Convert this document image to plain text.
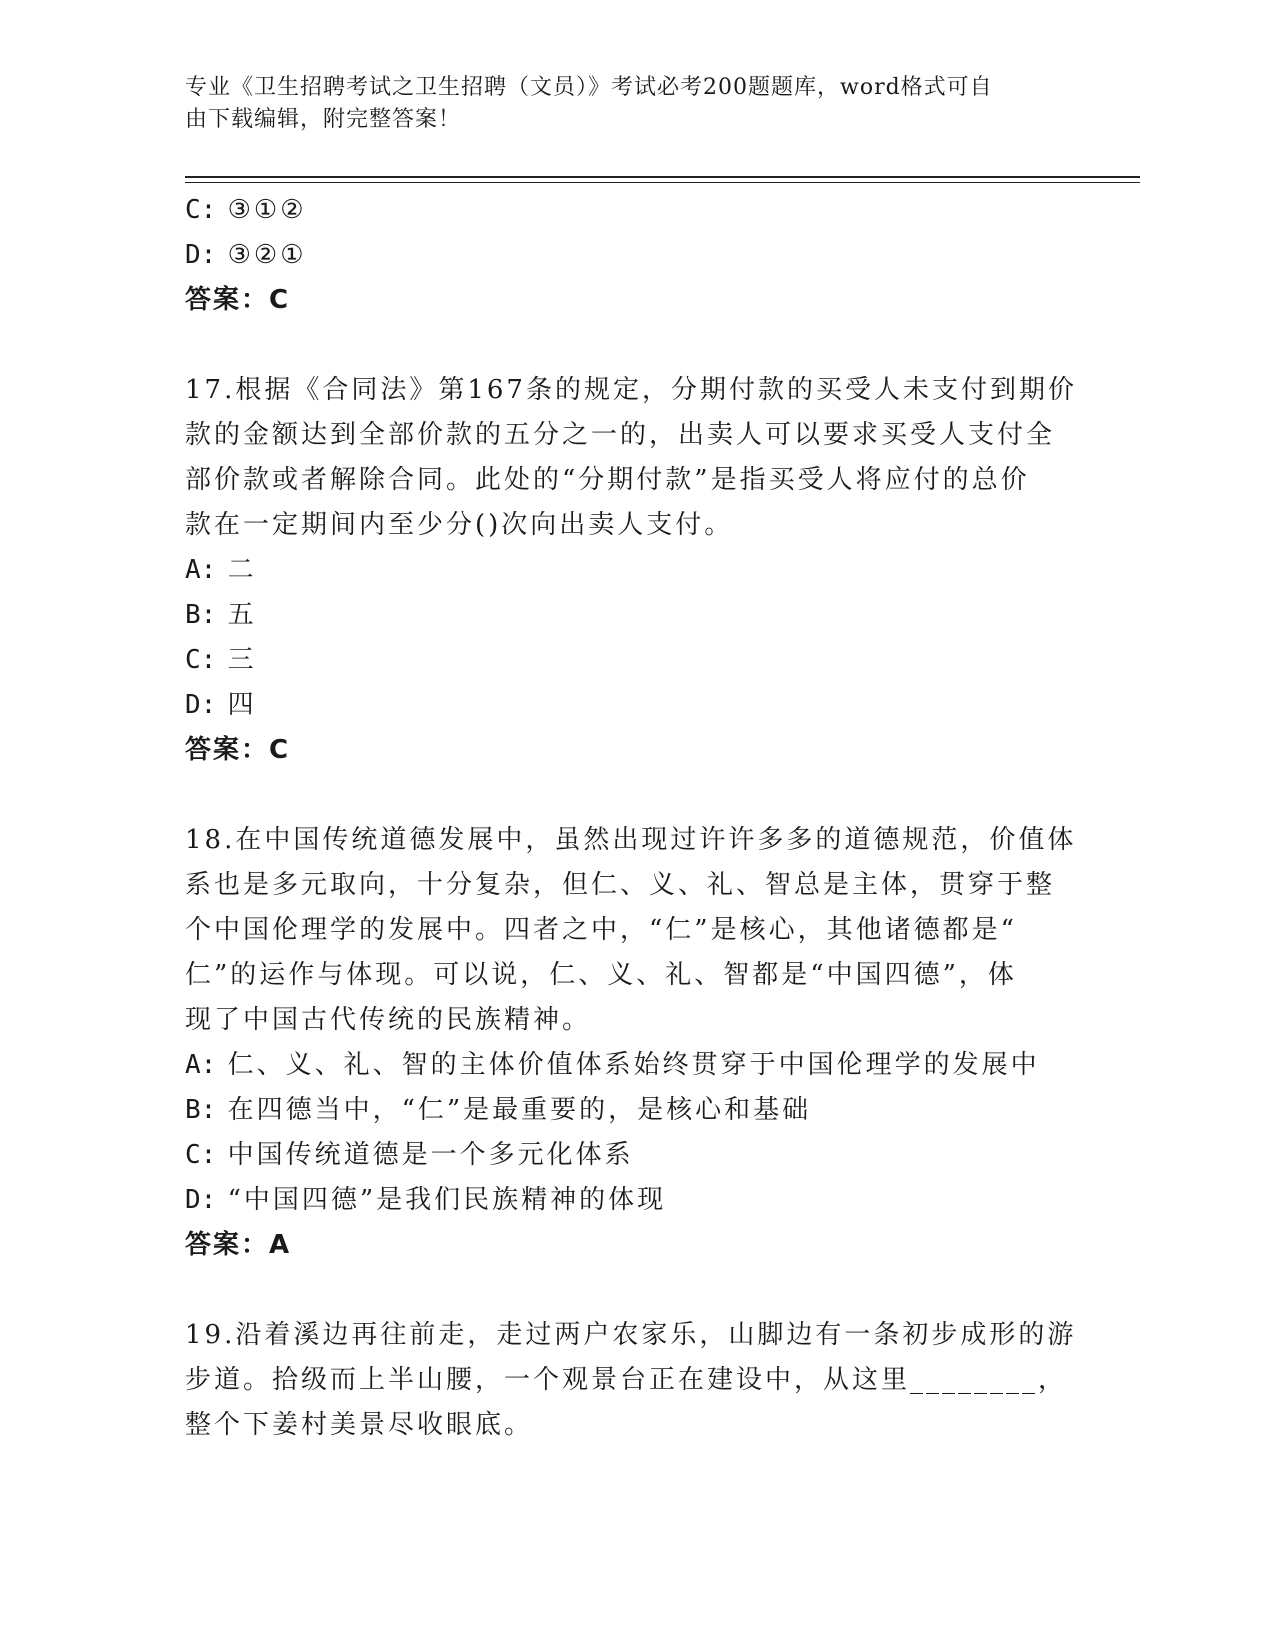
专业《卫生招聘考试之卫生招聘（文员）》考试必考200题题库，word格式可自
由下载编辑，附完整答案！
C: ③①②
D: ③②①
答案：C
17.根据《合同法》第167条的规定，分期付款的买受人未支付到期价
款的金额达到全部价款的五分之一的，出卖人可以要求买受人支付全
部价款或者解除合同。此处的“分期付款”是指买受人将应付的总价
款在一定期间内至少分()次向出卖人支付。
A: 二
B: 五
C: 三
D: 四
答案：C
18.在中国传统道德发展中，虽然出现过许许多多的道德规范，价值体
系也是多元取向，十分复杂，但仁、义、礼、智总是主体，贯穿于整
个中国伦理学的发展中。四者之中，“仁”是核心，其他诸德都是“
仁”的运作与体现。可以说，仁、义、礼、智都是“中国四德”，体
现了中国古代传统的民族精神。
A: 仁、义、礼、智的主体价值体系始终贯穿于中国伦理学的发展中
B: 在四德当中，“仁”是最重要的，是核心和基础
C: 中国传统道德是一个多元化体系
D: “中国四德”是我们民族精神的体现
答案：A
19.沿着溪边再往前走，走过两户农家乐，山脚边有一条初步成形的游
步道。拾级而上半山腰，一个观景台正在建设中，从这里________，
整个下姜村美景尽收眼底。
